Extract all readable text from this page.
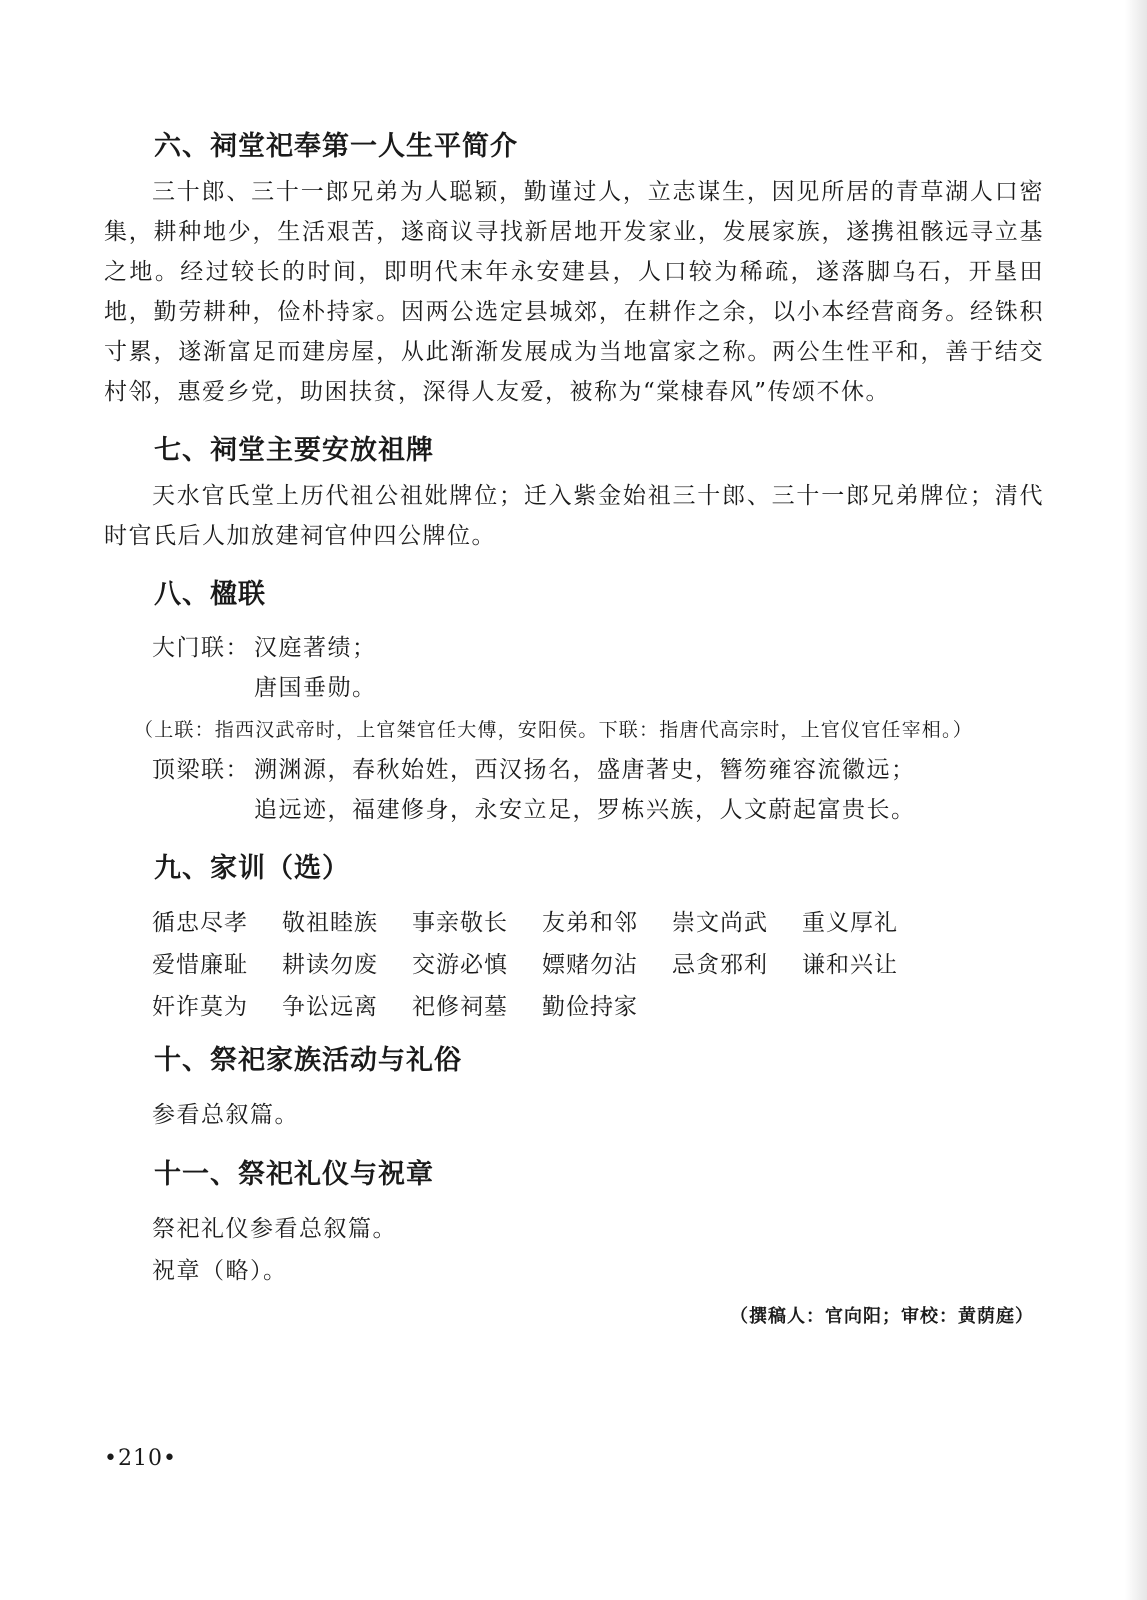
六、祠堂祀奉第一人生平简介

三十郎、三十一郎兄弟为人聪颖，勤谨过人，立志谋生，因见所居的青草湖人口密集，耕种地少，生活艰苦，遂商议寻找新居地开发家业，发展家族，遂携祖骸远寻立基之地。经过较长的时间，即明代末年永安建县，人口较为稀疏，遂落脚乌石，开垦田地，勤劳耕种，俭朴持家。因两公选定县城郊，在耕作之余，以小本经营商务。经铢积寸累，遂渐富足而建房屋，从此渐渐发展成为当地富家之称。两公生性平和，善于结交村邻，惠爱乡党，助困扶贫，深得人友爱，被称为“棠棣春风”传颂不休。

七、祠堂主要安放祖牌

天水官氏堂上历代祖公祖妣牌位；迁入紫金始祖三十郎、三十一郎兄弟牌位；清代时官氏后人加放建祠官仲四公牌位。

八、楹联
大门联： 汉庭著绩；
唐国垂勋。

（上联：指西汉武帝时，上官桀官任大傅，安阳侯。下联：指唐代高宗时，上官仪官任宰相。）

顶梁联： 溯渊源，春秋始姓，西汉扬名，盛唐著史，簪笏雍容流徽远；
追远迹，福建修身，永安立足，罗栋兴族，人文蔚起富贵长。
九、家训（选）
循忠尽孝	敬祖睦族	事亲敬长	友弟和邻	崇文尚武	重义厚礼
爱惜廉耻	耕读勿废	交游必慎	嫖赌勿沾	忌贪邪利	谦和兴让
奸诈莫为	争讼远离	祀修祠墓	勤俭持家
十、祭祀家族活动与礼俗

参看总叙篇。

十一、祭祀礼仪与祝章

祭祀礼仪参看总叙篇。

祝章（略）。

（撰稿人：官向阳；审校：黄荫庭）

•210•
